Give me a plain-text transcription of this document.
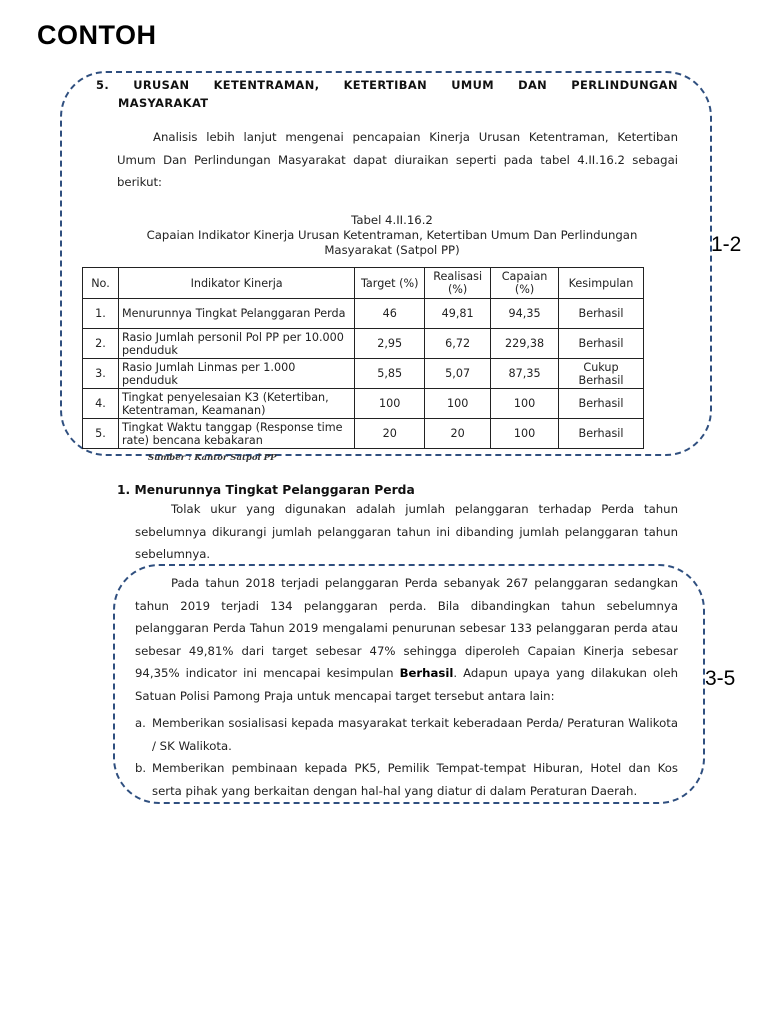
CONTOH
1-2
3-5
5. URUSAN KETENTRAMAN, KETERTIBAN UMUM DAN PERLINDUNGAN
MASYARAKAT
Analisis lebih lanjut mengenai pencapaian Kinerja Urusan Ketentraman, Ketertiban Umum Dan Perlindungan Masyarakat dapat diuraikan seperti pada tabel 4.II.16.2 sebagai berikut:
Tabel 4.II.16.2
Capaian Indikator Kinerja Urusan Ketentraman, Ketertiban Umum Dan Perlindungan
Masyarakat (Satpol PP)
No.	Indikator Kinerja	Target (%)	Realisasi (%)	Capaian (%)	Kesimpulan
1.	Menurunnya Tingkat Pelanggaran Perda	46	49,81	94,35	Berhasil
2.	Rasio Jumlah personil Pol PP per 10.000 penduduk	2,95	6,72	229,38	Berhasil
3.	Rasio Jumlah Linmas per 1.000 penduduk	5,85	5,07	87,35	Cukup Berhasil
4.	Tingkat penyelesaian K3 (Ketertiban, Ketentraman, Keamanan)	100	100	100	Berhasil
5.	Tingkat Waktu tanggap (Response time rate) bencana kebakaran	20	20	100	Berhasil
Sumber : Kantor Satpol PP
1. Menurunnya Tingkat Pelanggaran Perda
Tolak ukur yang digunakan adalah jumlah pelanggaran terhadap Perda tahun sebelumnya dikurangi jumlah pelanggaran tahun ini dibanding jumlah pelanggaran tahun sebelumnya.
Pada tahun 2018 terjadi pelanggaran Perda sebanyak 267 pelanggaran sedangkan tahun 2019 terjadi 134 pelanggaran perda. Bila dibandingkan tahun sebelumnya pelanggaran Perda Tahun 2019 mengalami penurunan sebesar 133 pelanggaran perda atau sebesar 49,81% dari target sebesar 47% sehingga diperoleh Capaian Kinerja sebesar 94,35% indicator ini mencapai kesimpulan Berhasil. Adapun upaya yang dilakukan oleh Satuan Polisi Pamong Praja untuk mencapai target tersebut antara lain:
a. Memberikan sosialisasi kepada masyarakat terkait keberadaan Perda/ Peraturan Walikota / SK Walikota.
b. Memberikan pembinaan kepada PK5, Pemilik Tempat-tempat Hiburan, Hotel dan Kos serta pihak yang berkaitan dengan hal-hal yang diatur di dalam Peraturan Daerah.
